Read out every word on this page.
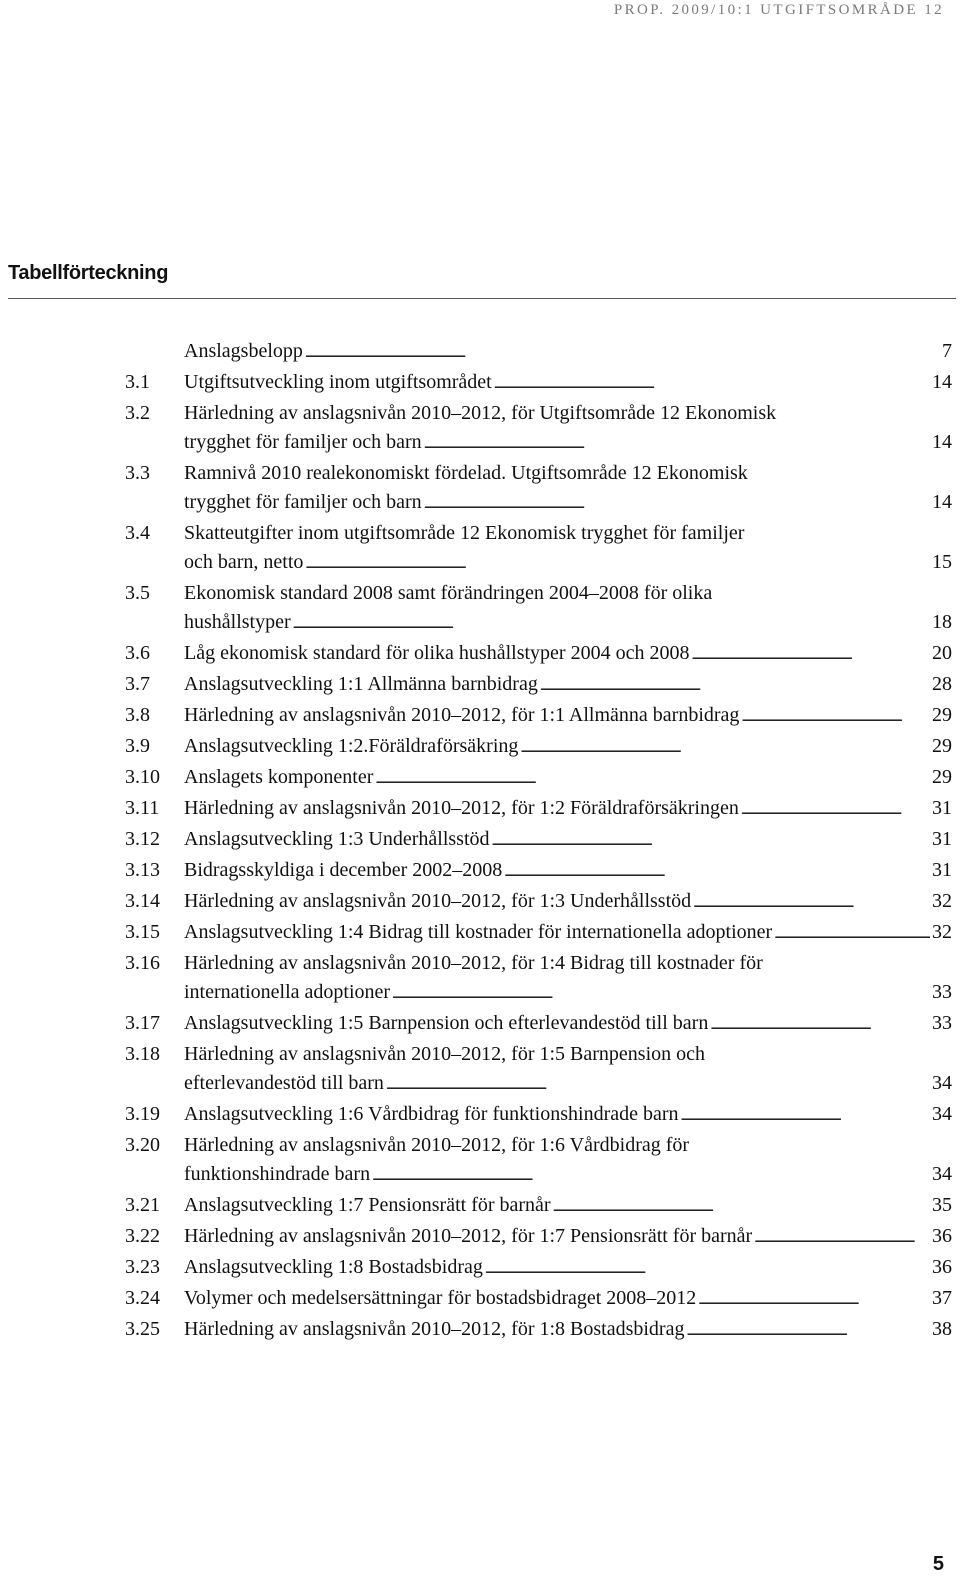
PROP. 2009/10:1 UTGIFTSOMRÅDE 12
Tabellförteckning
Anslagsbelopp . . .	7
3.1	Utgiftsutveckling inom utgiftsområdet . . .	14
3.2	Härledning av anslagsnivån 2010–2012, för Utgiftsområde 12 Ekonomisk
trygghet för familjer och barn . . .	14
3.3	Ramnivå 2010 realekonomiskt fördelad. Utgiftsområde 12 Ekonomisk
trygghet för familjer och barn . . .	14
3.4	Skatteutgifter inom utgiftsområde 12 Ekonomisk trygghet för familjer
och barn, netto . . .	15
3.5	Ekonomisk standard 2008 samt förändringen 2004–2008 för olika
hushållstyper . . .	18
3.6	Låg ekonomisk standard för olika hushållstyper 2004 och 2008 . . .	20
3.7	Anslagsutveckling 1:1 Allmänna barnbidrag . . .	28
3.8	Härledning av anslagsnivån 2010–2012, för 1:1 Allmänna barnbidrag . . .	29
3.9	Anslagsutveckling 1:2.Föräldraförsäkring . . .	29
3.10	Anslagets komponenter . . .	29
3.11	Härledning av anslagsnivån 2010–2012, för 1:2 Föräldraförsäkringen . . .	31
3.12	Anslagsutveckling 1:3 Underhållsstöd . . .	31
3.13	Bidragsskyldiga i december 2002–2008 . . .	31
3.14	Härledning av anslagsnivån 2010–2012, för 1:3 Underhållsstöd . . .	32
3.15	Anslagsutveckling 1:4 Bidrag till kostnader för internationella adoptioner . . .	32
3.16	Härledning av anslagsnivån 2010–2012, för 1:4 Bidrag till kostnader för
internationella adoptioner . . .	33
3.17	Anslagsutveckling 1:5 Barnpension och efterlevandestöd till barn . . .	33
3.18	Härledning av anslagsnivån 2010–2012, för 1:5 Barnpension och
efterlevandestöd till barn . . .	34
3.19	Anslagsutveckling 1:6 Vårdbidrag för funktionshindrade barn . . .	34
3.20	Härledning av anslagsnivån 2010–2012, för 1:6 Vårdbidrag för
funktionshindrade barn . . .	34
3.21	Anslagsutveckling 1:7 Pensionsrätt för barnår . . .	35
3.22	Härledning av anslagsnivån 2010–2012, för 1:7 Pensionsrätt för barnår . . .	36
3.23	Anslagsutveckling 1:8 Bostadsbidrag . . .	36
3.24	Volymer och medelsersättningar för bostadsbidraget 2008–2012 . . .	37
3.25	Härledning av anslagsnivån 2010–2012, för 1:8 Bostadsbidrag . . .	38
5
